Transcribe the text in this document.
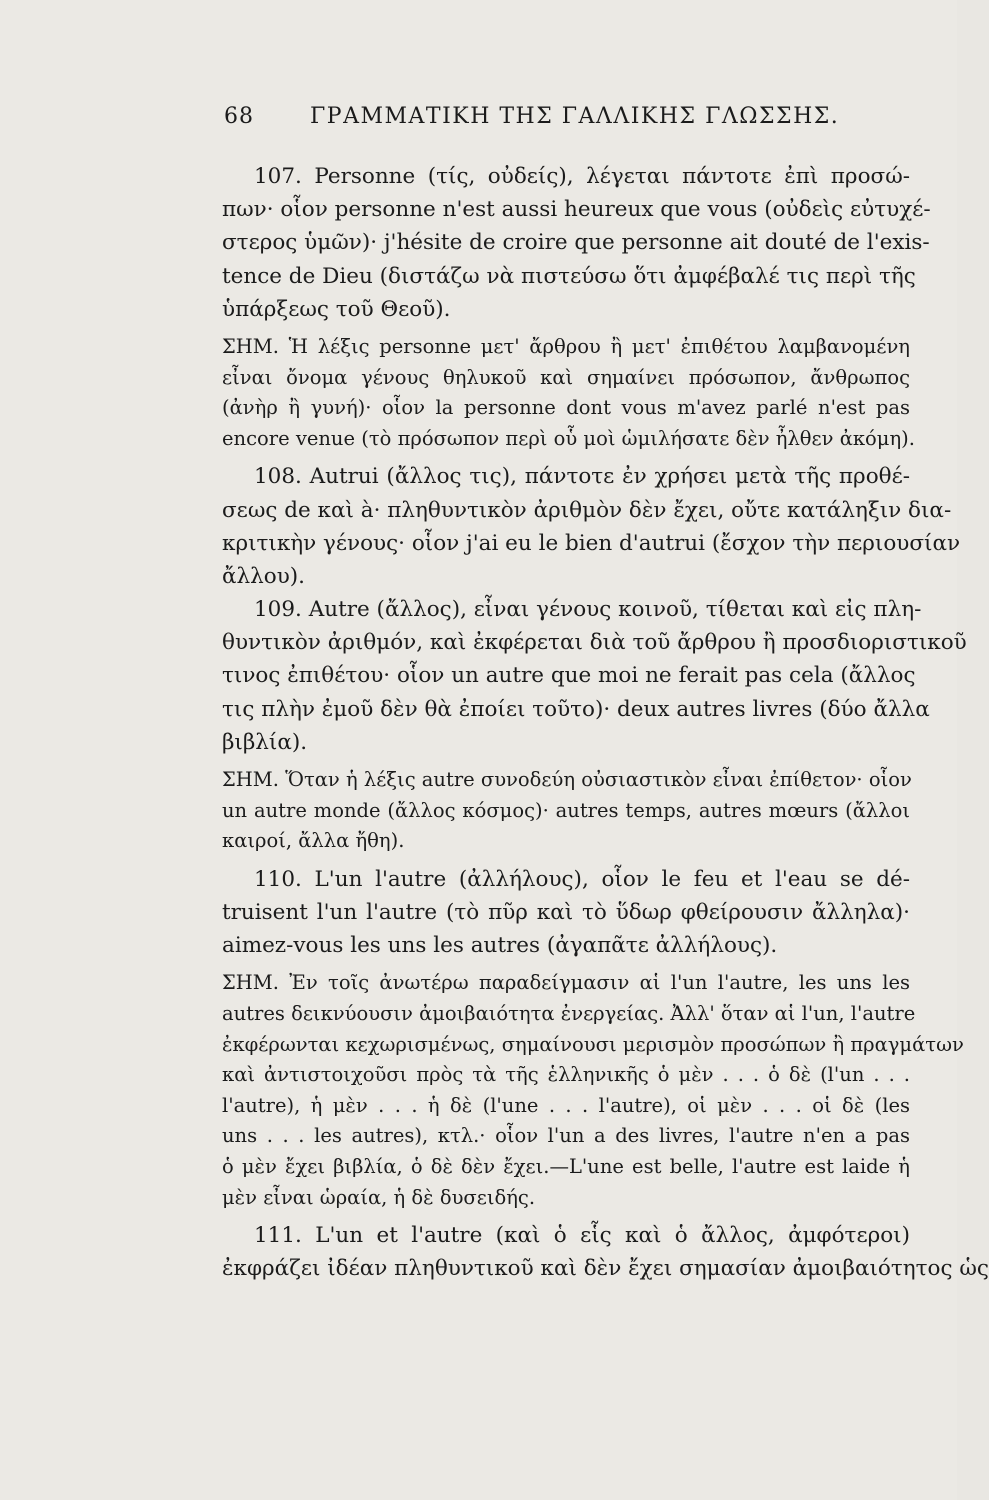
68	ΓΡΑΜΜΑΤΙΚΗ ΤΗΣ ΓΑΛΛΙΚΗΣ ΓΛΩΣΣΗΣ.
107. Personne (τίς, οὐδείς), λέγεται πάντοτε ἐπὶ προσώ-
πων· οἷον personne n'est aussi heureux que vous (οὐδεὶς εὐτυχέ-
στερος ὑμῶν)· j'hésite de croire que personne ait douté de l'exis-
tence de Dieu (διστάζω νὰ πιστεύσω ὅτι ἀμφέβαλέ τις περὶ τῆς
ὑπάρξεως τοῦ Θεοῦ).
ΣΗΜ. Ἡ λέξις personne μετ' ἄρθρου ἢ μετ' ἐπιθέτου λαμβανομένη
εἶναι ὄνομα γένους θηλυκοῦ καὶ σημαίνει πρόσωπον, ἄνθρωπος
(ἀνὴρ ἢ γυνή)· οἷον la personne dont vous m'avez parlé n'est pas
encore venue (τὸ πρόσωπον περὶ οὗ μοὶ ὡμιλήσατε δὲν ἦλθεν ἀκόμη).
108. Autrui (ἄλλος τις), πάντοτε ἐν χρήσει μετὰ τῆς προθέ-
σεως de καὶ à· πληθυντικὸν ἀριθμὸν δὲν ἔχει, οὔτε κατάληξιν δια-
κριτικὴν γένους· οἷον j'ai eu le bien d'autrui (ἔσχον τὴν περιουσίαν
ἄλλου).
109. Autre (ἄλλος), εἶναι γένους κοινοῦ, τίθεται καὶ εἰς πλη-
θυντικὸν ἀριθμόν, καὶ ἐκφέρεται διὰ τοῦ ἄρθρου ἢ προσδιοριστικοῦ
τινος ἐπιθέτου· οἷον un autre que moi ne ferait pas cela (ἄλλος
τις πλὴν ἐμοῦ δὲν θὰ ἐποίει τοῦτο)· deux autres livres (δύο ἄλλα
βιβλία).
ΣΗΜ. Ὅταν ἡ λέξις autre συνοδεύη οὐσιαστικὸν εἶναι ἐπίθετον· οἷον
un autre monde (ἄλλος κόσμος)· autres temps, autres mœurs (ἄλλοι
καιροί, ἄλλα ἤθη).
110. L'un l'autre (ἀλλήλους), οἷον le feu et l'eau se dé-
truisent l'un l'autre (τὸ πῦρ καὶ τὸ ὕδωρ φθείρουσιν ἄλληλα)·
aimez-vous les uns les autres (ἀγαπᾶτε ἀλλήλους).
ΣΗΜ. Ἐν τοῖς ἀνωτέρω παραδείγμασιν αἱ l'un l'autre, les uns les
autres δεικνύουσιν ἀμοιβαιότητα ἐνεργείας. Ἀλλ' ὅταν αἱ l'un, l'autre
ἐκφέρωνται κεχωρισμένως, σημαίνουσι μερισμὸν προσώπων ἢ πραγμάτων
καὶ ἀντιστοιχοῦσι πρὸς τὰ τῆς ἑλληνικῆς ὁ μὲν . . . ὁ δὲ (l'un . . .
l'autre), ἡ μὲν . . . ἡ δὲ (l'une . . . l'autre), οἱ μὲν . . . οἱ δὲ (les
uns . . . les autres), κτλ.· οἷον l'un a des livres, l'autre n'en a pas
ὁ μὲν ἔχει βιβλία, ὁ δὲ δὲν ἔχει.—L'une est belle, l'autre est laide ἡ
μὲν εἶναι ὡραία, ἡ δὲ δυσειδής.
111. L'un et l'autre (καὶ ὁ εἷς καὶ ὁ ἄλλος, ἀμφότεροι)
ἐκφράζει ἰδέαν πληθυντικοῦ καὶ δὲν ἔχει σημασίαν ἀμοιβαιότητος ὡς
